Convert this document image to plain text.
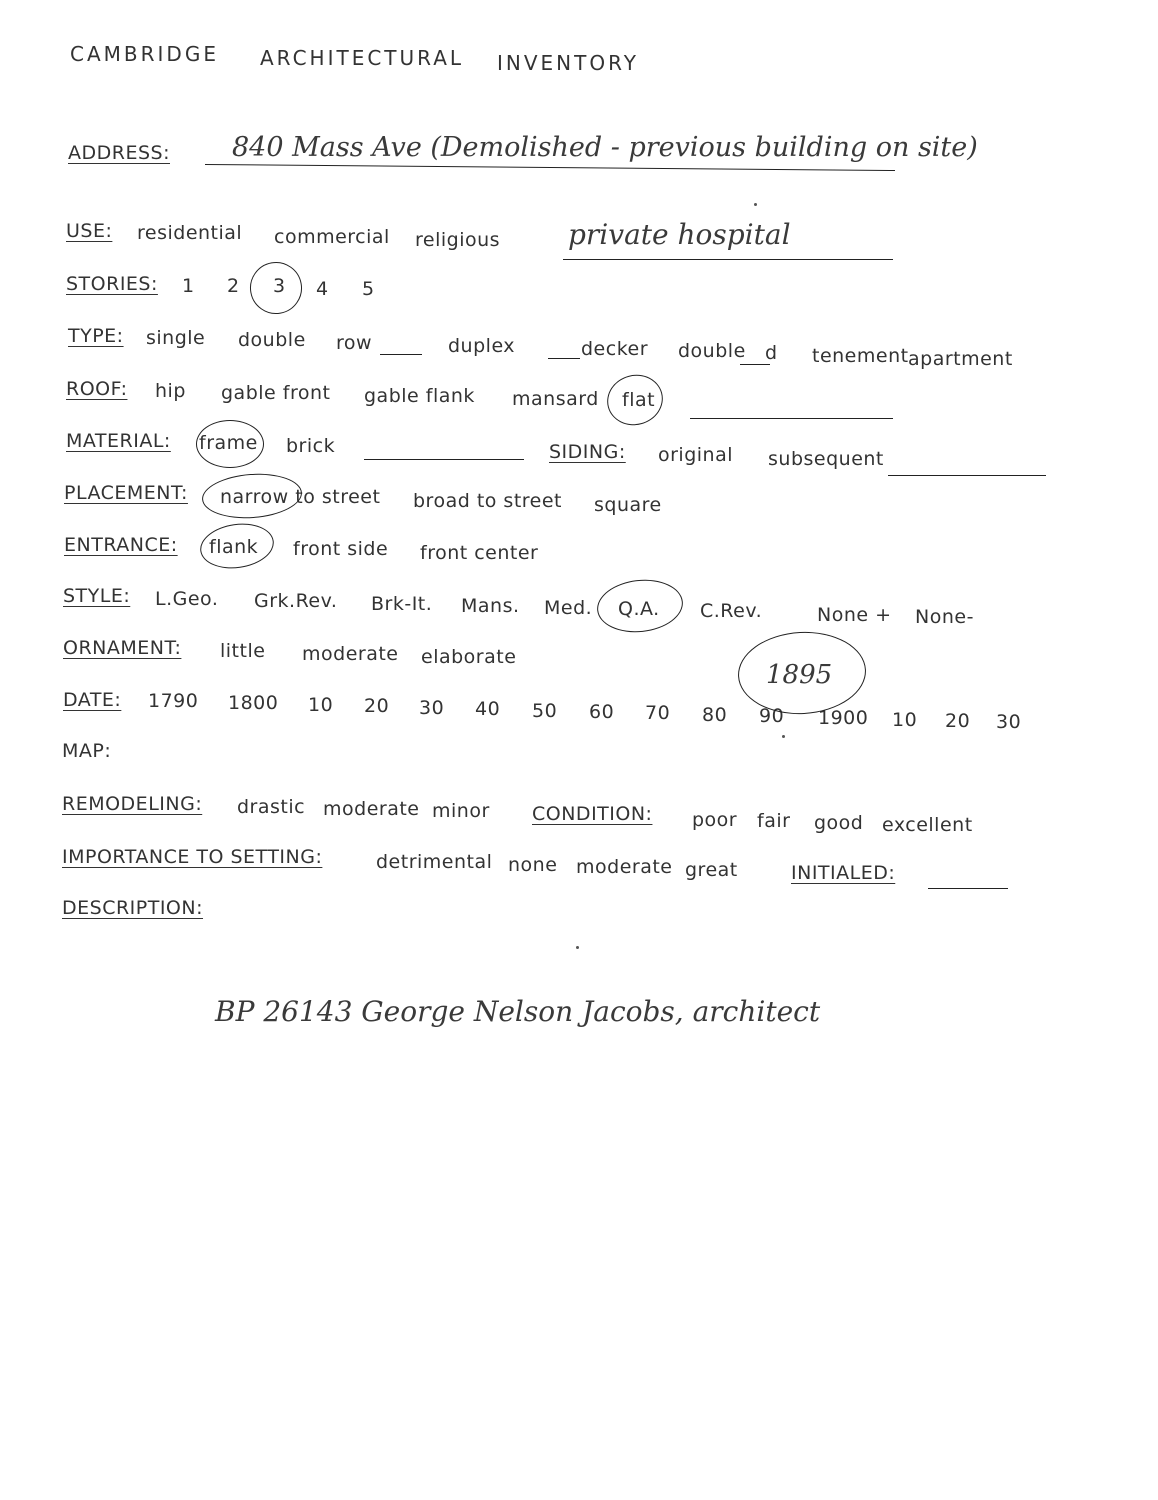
CAMBRIDGE ARCHITECTURAL INVENTORY
ADDRESS: 840 Mass Ave (Demolished - previous building on site)
USE: residential commercial religious private hospital
STORIES: 1 2 3 4 5
TYPE: single double row	duplex	decker double d tenement apartment
ROOF: hip gable front gable flank mansard flat
MATERIAL: frame brick	SIDING: original subsequent
PLACEMENT: narrow to street broad to street square
ENTRANCE: flank front side front center
STYLE: L.Geo. Grk.Rev. Brk-It. Mans. Med. Q.A. C.Rev.	None + None-
ORNAMENT: little moderate elaborate
DATE: 1790 1800 10 20 30 40 50 60 70 80 90 1900 10 20 30
1895
MAP:
REMODELING: drastic moderate minor CONDITION: poor fair good excellent
IMPORTANCE TO SETTING:	detrimental none moderate great	INITIALED:
DESCRIPTION:
BP 26143 George Nelson Jacobs, architect
